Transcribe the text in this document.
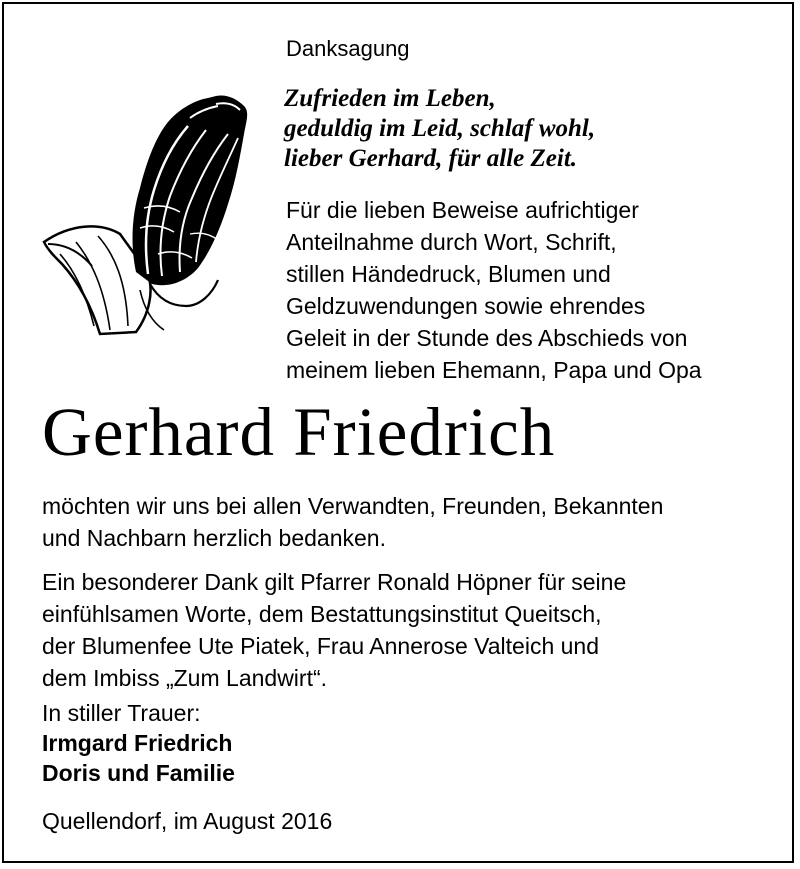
Danksagung
Zufrieden im Leben,
geduldig im Leid, schlaf wohl,
lieber Gerhard, für alle Zeit.
Für die lieben Beweise aufrichtiger
Anteilnahme durch Wort, Schrift,
stillen Händedruck, Blumen und
Geldzuwendungen sowie ehrendes
Geleit in der Stunde des Abschieds von
meinem lieben Ehemann, Papa und Opa
Gerhard Friedrich
möchten wir uns bei allen Verwandten, Freunden, Bekannten
und Nachbarn herzlich bedanken.
Ein besonderer Dank gilt Pfarrer Ronald Höpner für seine
einfühlsamen Worte, dem Bestattungsinstitut Queitsch,
der Blumenfee Ute Piatek, Frau Annerose Valteich und
dem Imbiss „Zum Landwirt“.
In stiller Trauer:
Irmgard Friedrich
Doris und Familie
Quellendorf, im August 2016
